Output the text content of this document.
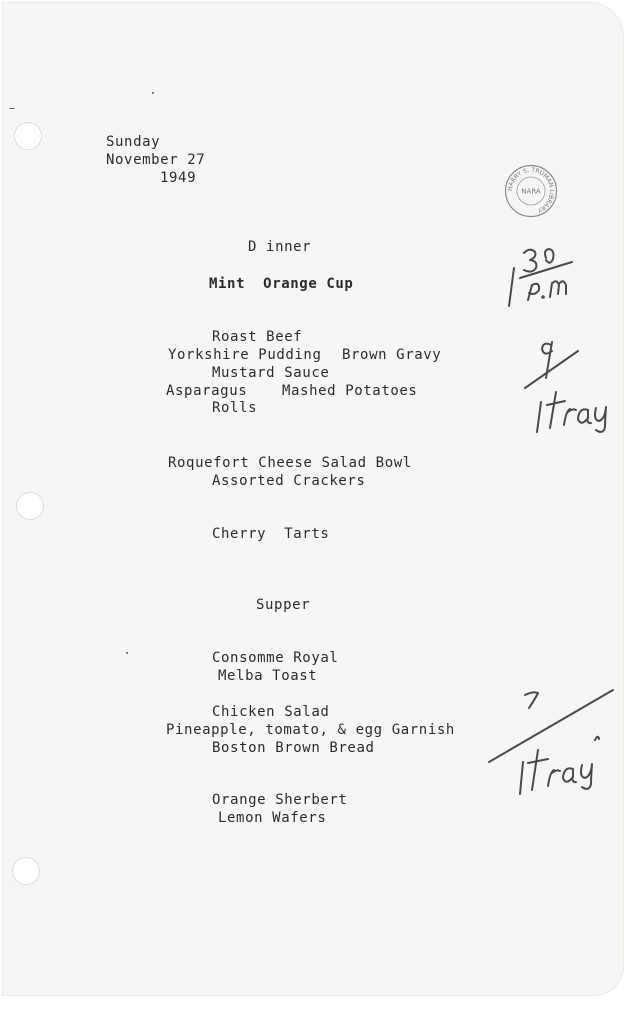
Sunday
November 27
1949
HARRY S. TRUMAN LIBRARY
NARA
D inner
Mint  Orange Cup
Roast Beef
Yorkshire Pudding Brown Gravy
Mustard Sauce
Asparagus Mashed Potatoes
Rolls
Roquefort Cheese Salad Bowl
Assorted Crackers
Cherry  Tarts
Supper
Consomme Royal
Melba Toast
Chicken Salad
Pineapple, tomato, & egg Garnish
Boston Brown Bread
Orange Sherbert
Lemon Wafers
